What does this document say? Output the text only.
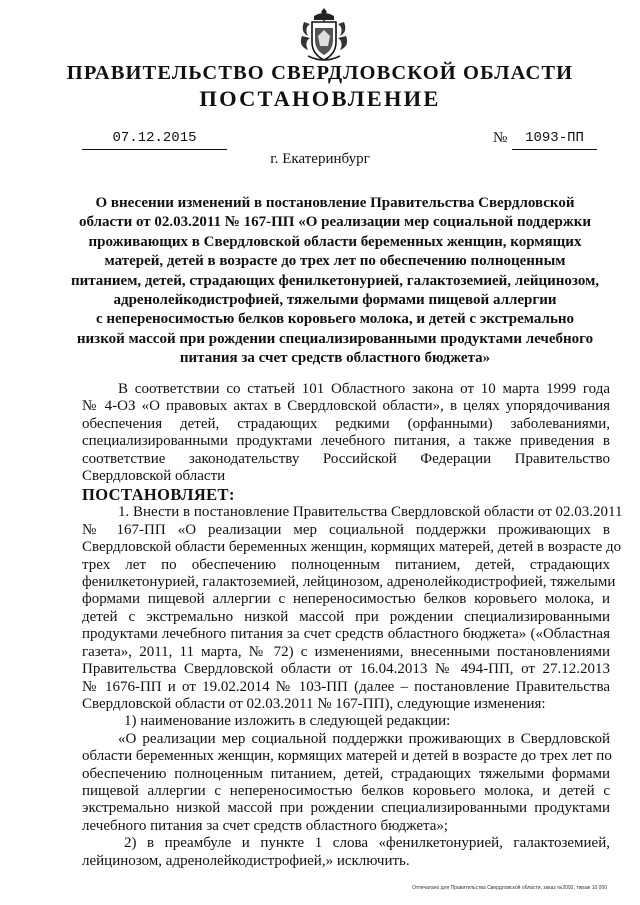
ПРАВИТЕЛЬСТВО СВЕРДЛОВСКОЙ ОБЛАСТИ
ПОСТАНОВЛЕНИЕ
07.12.2015	№	1093-ПП
г. Екатеринбург
О внесении изменений в постановление Правительства Свердловской
области от 02.03.2011 № 167-ПП «О реализации мер социальной поддержки
проживающих в Свердловской области беременных женщин, кормящих
матерей, детей в возрасте до трех лет по обеспечению полноценным
питанием, детей, страдающих фенилкетонурией, галактоземией, лейцинозом,
адренолейкодистрофией, тяжелыми формами пищевой аллергии
с непереносимостью белков коровьего молока, и детей с экстремально
низкой массой при рождении специализированными продуктами лечебного
питания за счет средств областного бюджета»
В соответствии со статьей 101 Областного закона от 10 марта 1999 года
№ 4-ОЗ «О правовых актах в Свердловской области», в целях упорядочивания
обеспечения детей, страдающих редкими (орфанными) заболеваниями,
специализированными продуктами лечебного питания, а также приведения в
соответствие законодательству Российской Федерации Правительство
Свердловской области
ПОСТАНОВЛЯЕТ:
1. Внести в постановление Правительства Свердловской области от 02.03.2011
№ 167-ПП «О реализации мер социальной поддержки проживающих в
Свердловской области беременных женщин, кормящих матерей, детей в возрасте до
трех лет по обеспечению полноценным питанием, детей, страдающих
фенилкетонурией, галактоземией, лейцинозом, адренолейкодистрофией, тяжелыми
формами пищевой аллергии с непереносимостью белков коровьего молока, и
детей с экстремально низкой массой при рождении специализированными
продуктами лечебного питания за счет средств областного бюджета» («Областная
газета», 2011, 11 марта, № 72) с изменениями, внесенными постановлениями
Правительства Свердловской области от 16.04.2013 № 494-ПП, от 27.12.2013
№ 1676-ПП и от 19.02.2014 № 103-ПП (далее – постановление Правительства
Свердловской области от 02.03.2011 № 167-ПП), следующие изменения:
1) наименование изложить в следующей редакции:
«О реализации мер социальной поддержки проживающих в Свердловской
области беременных женщин, кормящих матерей и детей в возрасте до трех лет по
обеспечению полноценным питанием, детей, страдающих тяжелыми формами
пищевой аллергии с непереносимостью белков коровьего молока, и детей с
экстремально низкой массой при рождении специализированными продуктами
лечебного питания за счет средств областного бюджета»;
2) в преамбуле и пункте 1 слова «фенилкетонурией, галактоземией,
лейцинозом, адренолейкодистрофией,» исключить.
Отпечатано для Правительства Свердловской области, заказ №2092, тираж 10 000
